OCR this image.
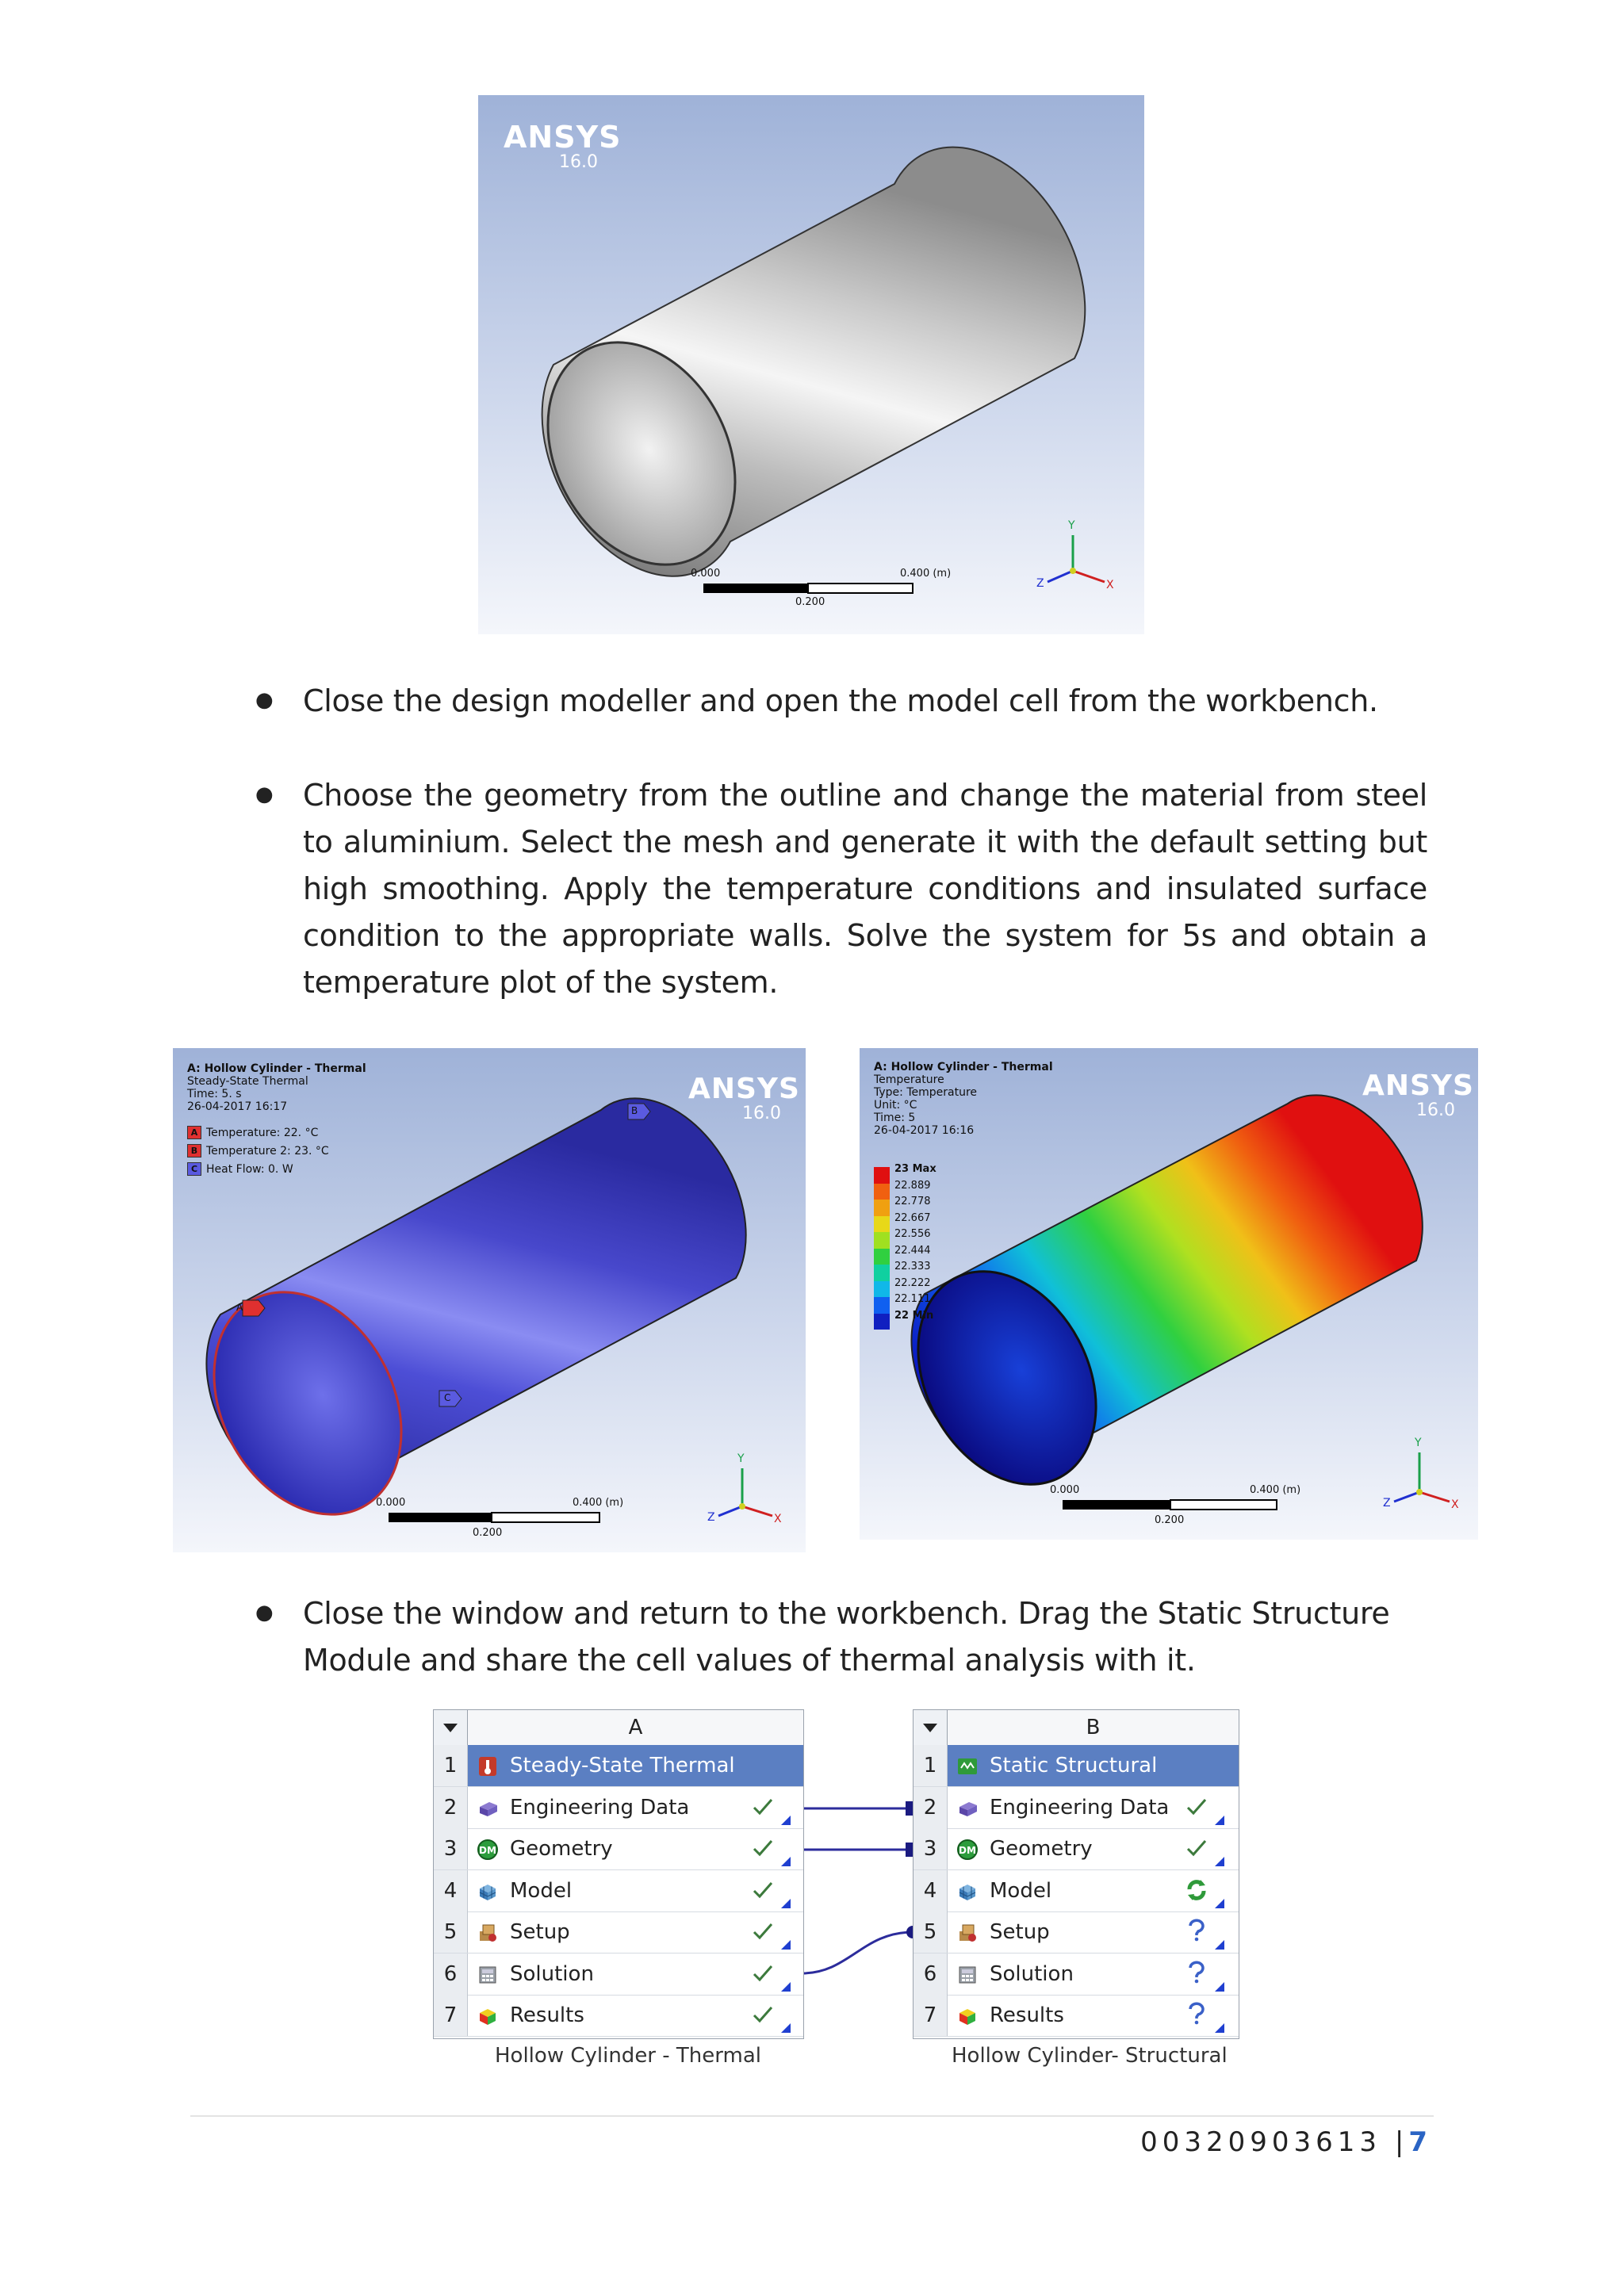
ANSYS
16.0
0.000	0.400 (m)
0.200
Y
Z	X
● Close the design modeller and open the model cell from the workbench.
● Choose the geometry from the outline and change the material from steel to aluminium. Select the mesh and generate it with the default setting but high smoothing. Apply the temperature conditions and insulated surface condition to the appropriate walls. Solve the system for 5s and obtain a temperature plot of the system.
A: Hollow Cylinder - Thermal
Steady-State Thermal
Time: 5. s
26-04-2017 16:17
A Temperature: 22. °C
B Temperature 2: 23. °C
C Heat Flow: 0. W
A
B
C
ANSYS
16.0
0.000	0.400 (m)
0.200
Y
Z	X
A: Hollow Cylinder - Thermal
Temperature
Type: Temperature
Unit: °C
Time: 5
26-04-2017 16:16
23 Max
22.889
22.778
22.667
22.556
22.444
22.333
22.222
22.111
22 Min
ANSYS
16.0
0.000	0.400 (m)
0.200
Y
Z	X
● Close the window and return to the workbench. Drag the Static Structure Module and share the cell values of thermal analysis with it.
A
1	Steady-State Thermal
2	Engineering Data
3	DM Geometry
4	Model
5	Setup
6	Solution
7	Results
Hollow Cylinder - Thermal
B
1	Static Structural
2	Engineering Data
3	DM Geometry
4	Model
5	Setup
6	Solution
7	Results
Hollow Cylinder- Structural
00320903613 |7
